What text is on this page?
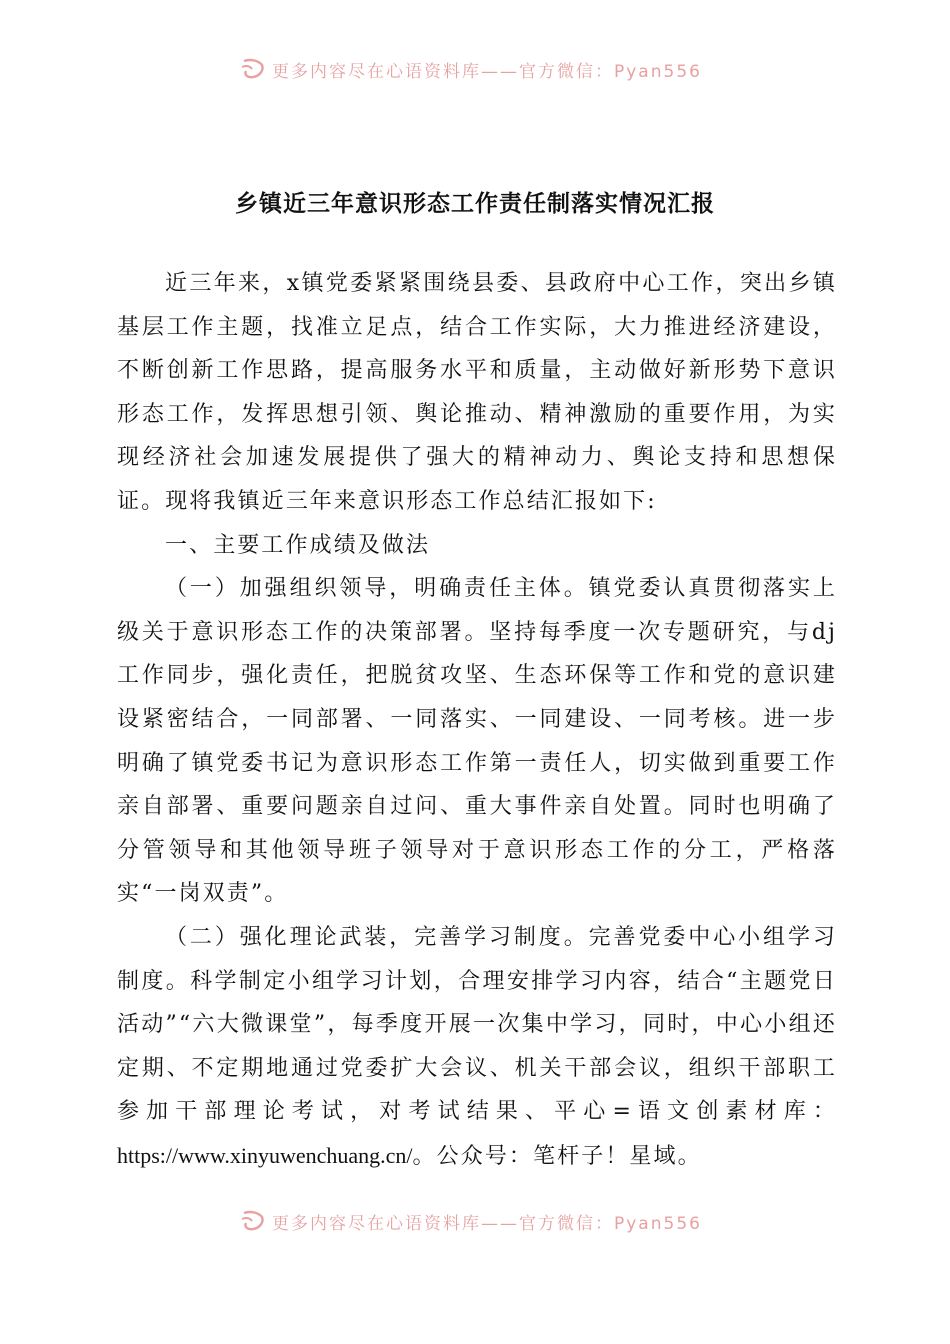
更多内容尽在心语资料库——官方微信：Pyan556
乡镇近三年意识形态工作责任制落实情况汇报

近三年来，x镇党委紧紧围绕县委、县政府中心工作，突出乡镇基层工作主题，找准立足点，结合工作实际，大力推进经济建设，不断创新工作思路，提高服务水平和质量，主动做好新形势下意识形态工作，发挥思想引领、舆论推动、精神激励的重要作用，为实现经济社会加速发展提供了强大的精神动力、舆论支持和思想保证。现将我镇近三年来意识形态工作总结汇报如下:

一、主要工作成绩及做法

（一）加强组织领导，明确责任主体。镇党委认真贯彻落实上级关于意识形态工作的决策部署。坚持每季度一次专题研究，与dj工作同步，强化责任，把脱贫攻坚、生态环保等工作和党的意识建设紧密结合，一同部署、一同落实、一同建设、一同考核。进一步明确了镇党委书记为意识形态工作第一责任人，切实做到重要工作亲自部署、重要问题亲自过问、重大事件亲自处置。同时也明确了分管领导和其他领导班子领导对于意识形态工作的分工，严格落实“一岗双责”。

（二）强化理论武装，完善学习制度。完善党委中心小组学习制度。科学制定小组学习计划，合理安排学习内容，结合“主题党日活动”“六大微课堂”，每季度开展一次集中学习，同时，中心小组还定期、不定期地通过党委扩大会议、机关干部会议，组织干部职工参加干部理论考试，对考试结果、平心=语文创素材库：https://www.xinyuwenchuang.cn/。公众号：笔杆子！星域。

更多内容尽在心语资料库——官方微信：Pyan556
